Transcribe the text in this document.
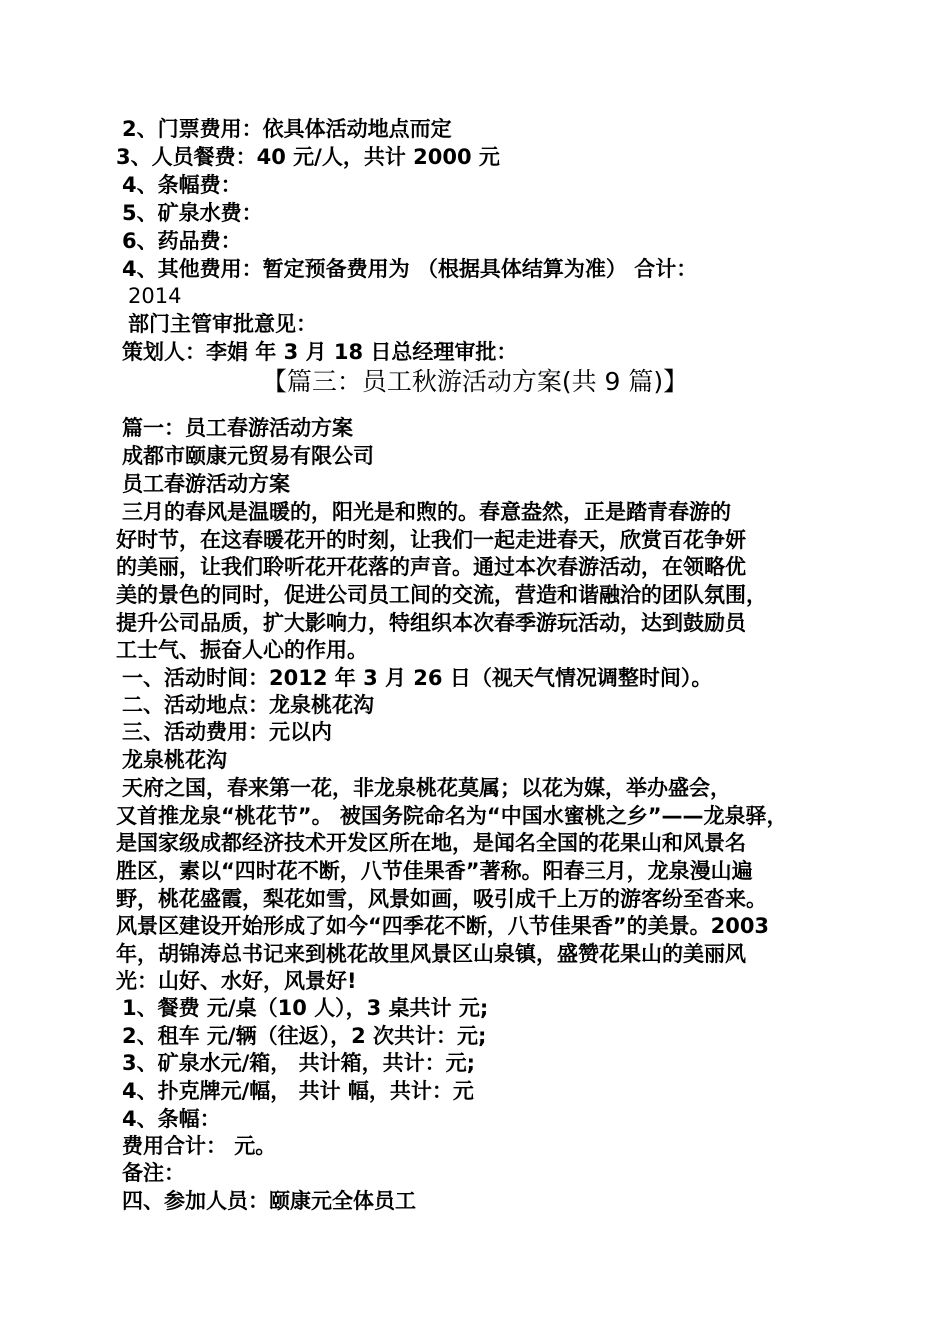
2、门票费用：依具体活动地点而定
3、人员餐费：40 元/人，共计 2000 元
4、条幅费：
5、矿泉水费：
6、药品费：
4、其他费用：暂定预备费用为 （根据具体结算为准） 合计：
2014
部门主管审批意见：
策划人：李娟 年 3 月 18 日总经理审批：
【篇三：员工秋游活动方案(共 9 篇)】
篇一：员工春游活动方案
成都市颐康元贸易有限公司
员工春游活动方案
三月的春风是温暖的，阳光是和煦的。春意盎然，正是踏青春游的
好时节，在这春暖花开的时刻，让我们一起走进春天，欣赏百花争妍
的美丽，让我们聆听花开花落的声音。通过本次春游活动，在领略优
美的景色的同时，促进公司员工间的交流，营造和谐融洽的团队氛围，
提升公司品质，扩大影响力，特组织本次春季游玩活动，达到鼓励员
工士气、振奋人心的作用。
一、活动时间：2012 年 3 月 26 日（视天气情况调整时间）。
二、活动地点：龙泉桃花沟
三、活动费用：元以内
龙泉桃花沟
天府之国，春来第一花，非龙泉桃花莫属；以花为媒，举办盛会，
又首推龙泉“桃花节”。 被国务院命名为“中国水蜜桃之乡”——龙泉驿，
是国家级成都经济技术开发区所在地，是闻名全国的花果山和风景名
胜区，素以“四时花不断，八节佳果香”著称。阳春三月，龙泉漫山遍
野，桃花盛霞，梨花如雪，风景如画，吸引成千上万的游客纷至沓来。
风景区建设开始形成了如今“四季花不断，八节佳果香”的美景。2003
年，胡锦涛总书记来到桃花故里风景区山泉镇，盛赞花果山的美丽风
光：山好、水好，风景好!
1、餐费 元/桌（10 人），3 桌共计 元;
2、租车 元/辆（往返），2 次共计：元;
3、矿泉水元/箱， 共计箱，共计：元;
4、扑克牌元/幅， 共计 幅，共计：元
4、条幅：
费用合计： 元。
备注：
四、参加人员：颐康元全体员工
